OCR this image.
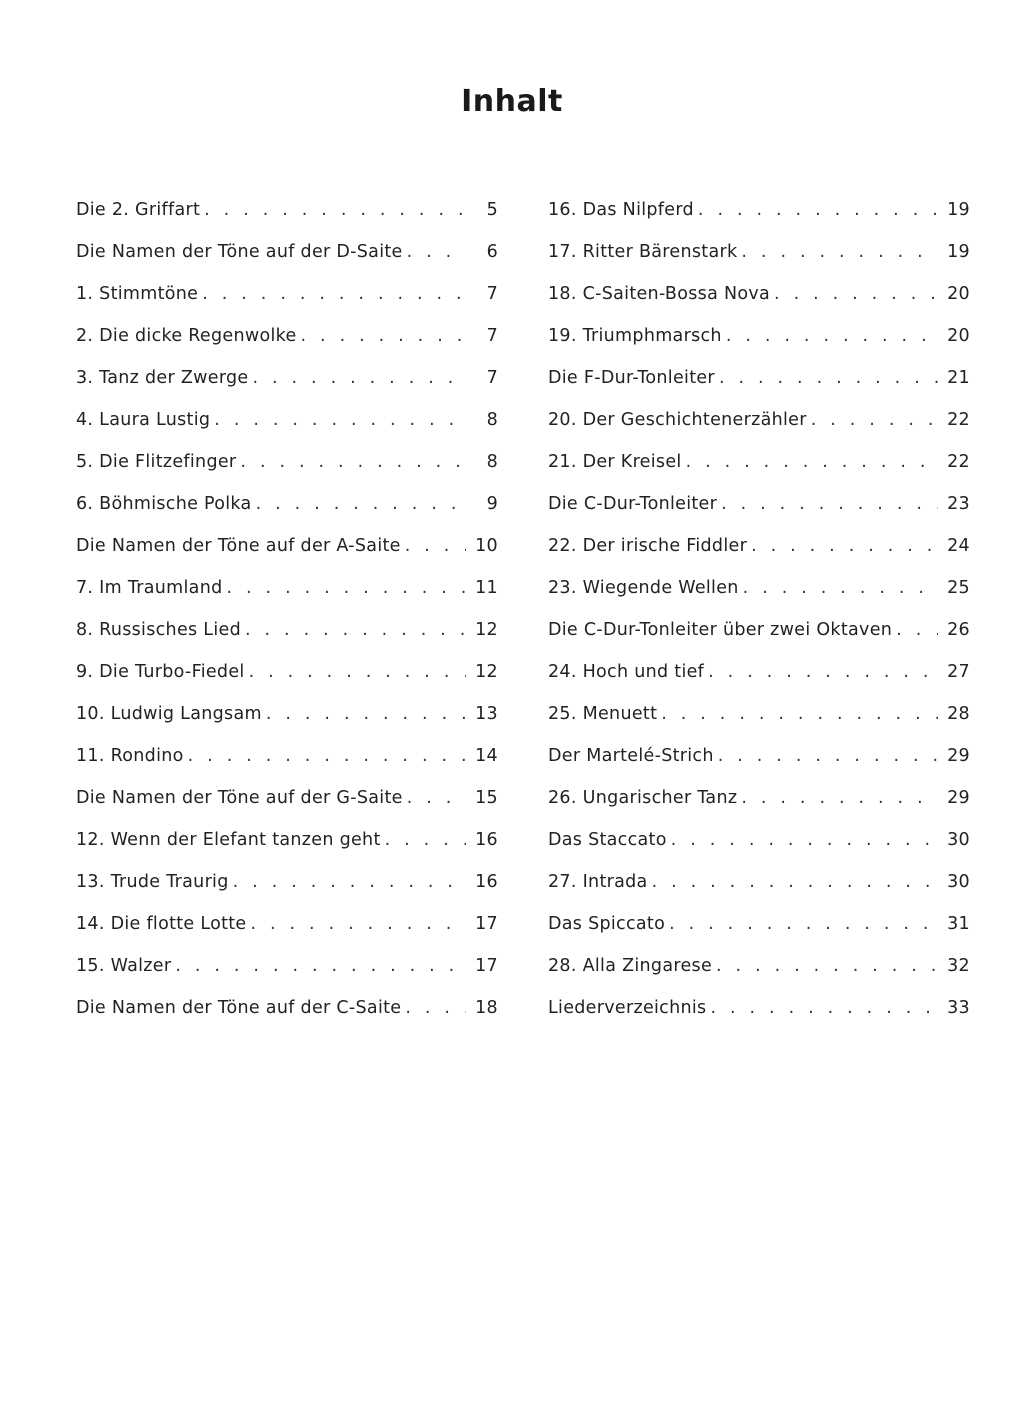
Inhalt
Die 2. Griffart . . .	5
Die Namen der Töne auf der D-Saite . . .	6
1. Stimmtöne . . .	7
2. Die dicke Regenwolke . . .	7
3. Tanz der Zwerge . . .	7
4. Laura Lustig . . .	8
5. Die Flitzefinger . . .	8
6. Böhmische Polka . . .	9
Die Namen der Töne auf der A-Saite . . .	10
7. Im Traumland . . .	11
8. Russisches Lied . . .	12
9. Die Turbo-Fiedel . . .	12
10. Ludwig Langsam . . .	13
11. Rondino . . .	14
Die Namen der Töne auf der G-Saite . . .	15
12. Wenn der Elefant tanzen geht . . .	16
13. Trude Traurig . . .	16
14. Die flotte Lotte . . .	17
15. Walzer . . .	17
Die Namen der Töne auf der C-Saite . . .	18
16. Das Nilpferd . . .	19
17. Ritter Bärenstark . . .	19
18. C-Saiten-Bossa Nova . . .	20
19. Triumphmarsch . . .	20
Die F-Dur-Tonleiter . . .	21
20. Der Geschichtenerzähler . . .	22
21. Der Kreisel . . .	22
Die C-Dur-Tonleiter . . .	23
22. Der irische Fiddler . . .	24
23. Wiegende Wellen . . .	25
Die C-Dur-Tonleiter über zwei Oktaven . . .	26
24. Hoch und tief . . .	27
25. Menuett . . .	28
Der Martelé-Strich . . .	29
26. Ungarischer Tanz . . .	29
Das Staccato . . .	30
27. Intrada . . .	30
Das Spiccato . . .	31
28. Alla Zingarese . . .	32
Liederverzeichnis . . .	33
